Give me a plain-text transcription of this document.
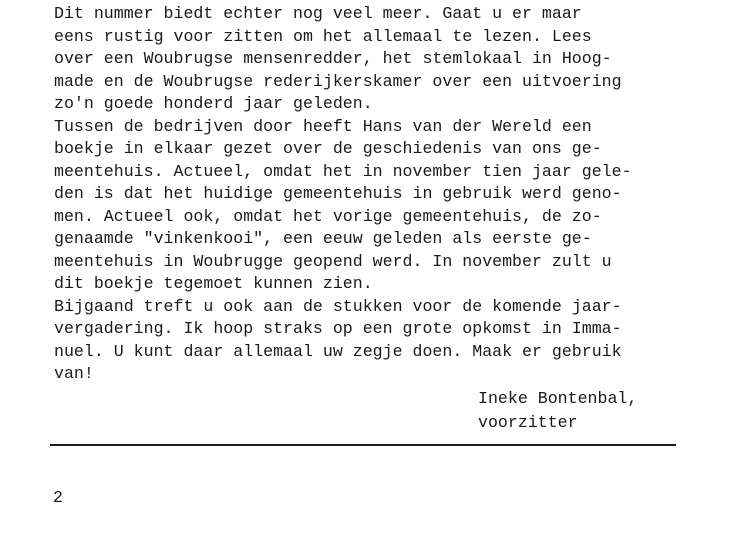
Dit nummer biedt echter nog veel meer. Gaat u er maar
eens rustig voor zitten om het allemaal te lezen. Lees
over een Woubrugse mensenredder, het stemlokaal in Hoog-
made en de Woubrugse rederijkerskamer over een uitvoering
zo'n goede honderd jaar geleden.
Tussen de bedrijven door heeft Hans van der Wereld een
boekje in elkaar gezet over de geschiedenis van ons ge-
meentehuis. Actueel, omdat het in november tien jaar gele-
den is dat het huidige gemeentehuis in gebruik werd geno-
men. Actueel ook, omdat het vorige gemeentehuis, de zo-
genaamde "vinkenkooi", een eeuw geleden als eerste ge-
meentehuis in Woubrugge geopend werd. In november zult u
dit boekje tegemoet kunnen zien.
Bijgaand treft u ook aan de stukken voor de komende jaar-
vergadering. Ik hoop straks op een grote opkomst in Imma-
nuel. U kunt daar allemaal uw zegje doen. Maak er gebruik
van!
Ineke Bontenbal,
voorzitter
2
